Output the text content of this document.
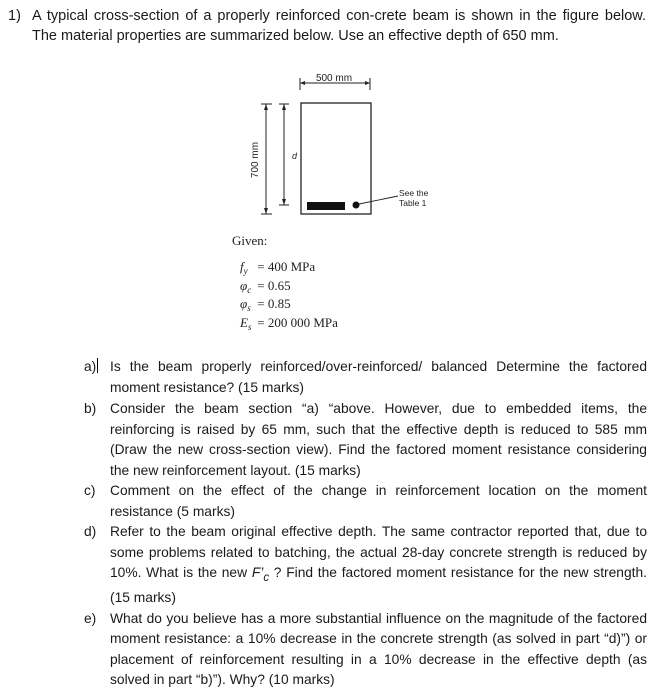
1) A typical cross-section of a properly reinforced con-crete beam is shown in the figure below. The material properties are summarized below. Use an effective depth of 650 mm.
500 mm
See the
Table 1
700 mm	d
Given:
$f_y = 400$ MPa
$\varphi_c = 0.65$
$\varphi_s = 0.85$
$E_s = 200$ 000 MPa
a) Is the beam properly reinforced/over-reinforced/ balanced Determine the factored moment resistance? (15 marks)
b) Consider the beam section “a) “above. However, due to embedded items, the reinforcing is raised by 65 mm, such that the effective depth is reduced to 585 mm (Draw the new cross-section view). Find the factored moment resistance considering the new reinforcement layout. (15 marks)
c) Comment on the effect of the change in reinforcement location on the moment resistance (5 marks)
d) Refer to the beam original effective depth. The same contractor reported that, due to some problems related to batching, the actual 28-day concrete strength is reduced by 10%. What is the new $F’_c$ ? Find the factored moment resistance for the new strength. (15 marks)
e) What do you believe has a more substantial influence on the magnitude of the factored moment resistance: a 10% decrease in the concrete strength (as solved in part “d)”) or placement of reinforcement resulting in a 10% decrease in the effective depth (as solved in part “b)”). Why? (10 marks)
